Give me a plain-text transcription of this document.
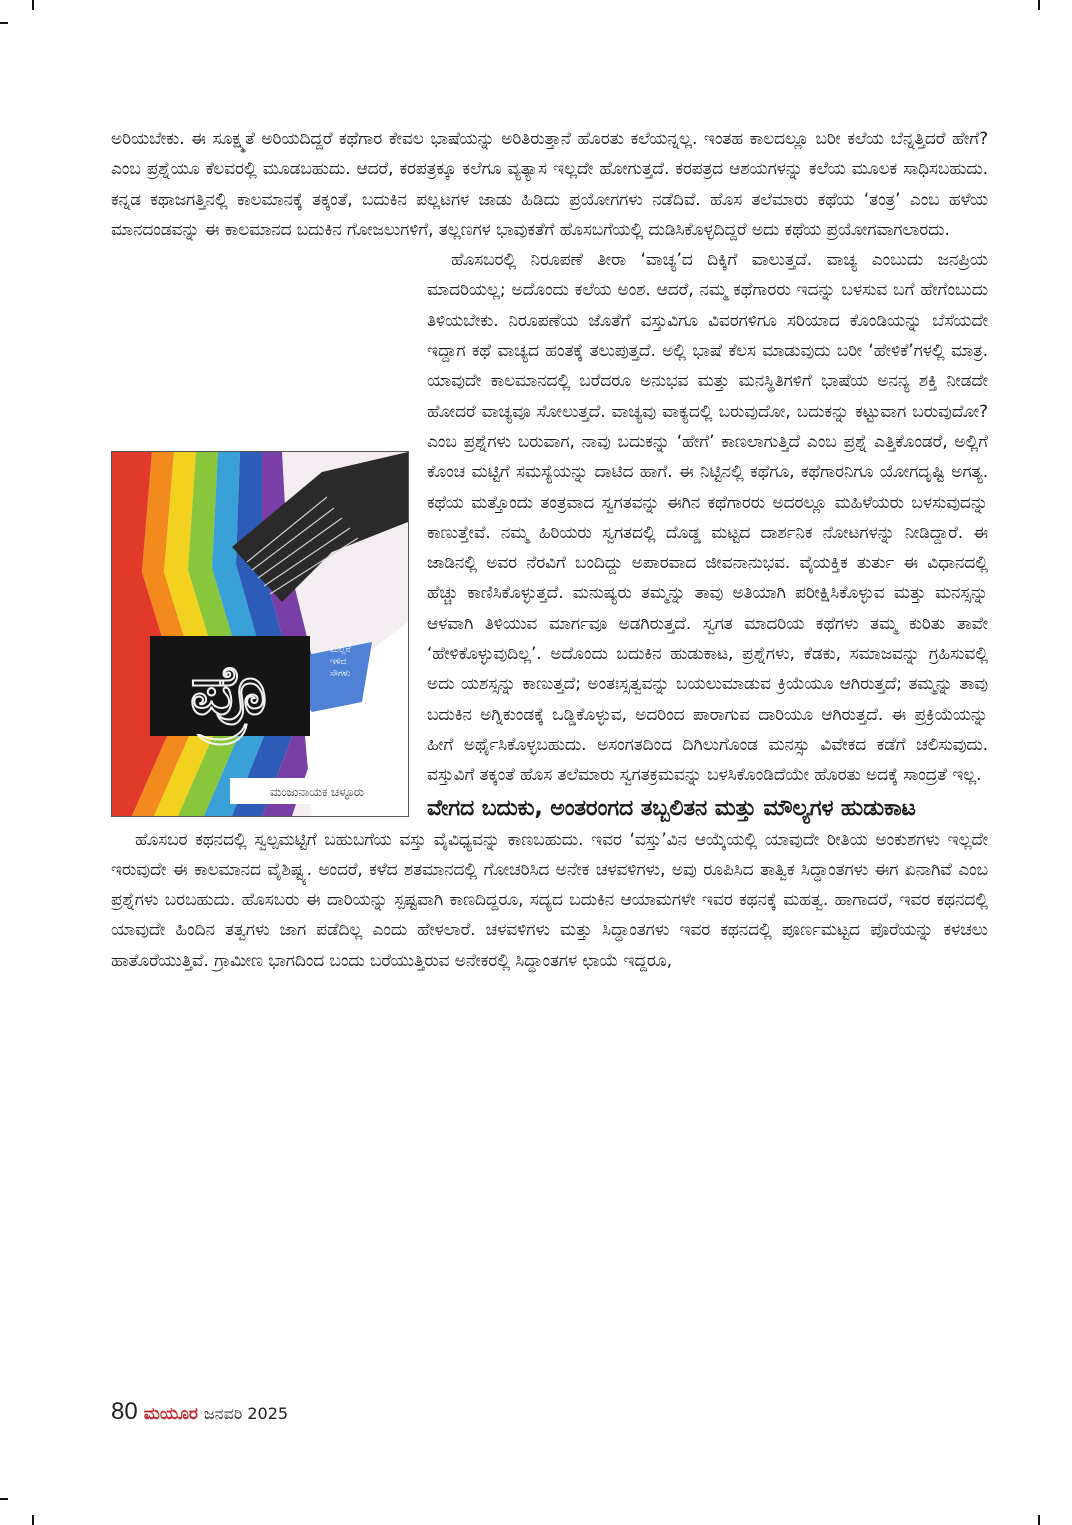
ಅರಿಯಬೇಕು. ಈ ಸೂಕ್ಷ್ಮತೆ ಅರಿಯದಿದ್ದರೆ ಕಥೆಗಾರ ಕೇವಲ ಭಾಷೆಯನ್ನು ಅರಿತಿರುತ್ತಾನೆ ಹೊರತು ಕಲೆಯನ್ನಲ್ಲ. ಇಂತಹ ಕಾಲದಲ್ಲೂ ಬರೀ ಕಲೆಯ ಬೆನ್ನತ್ತಿದರೆ ಹೇಗೆ? ಎಂಬ ಪ್ರಶ್ನೆಯೂ ಕೆಲವರಲ್ಲಿ ಮೂಡಬಹುದು. ಆದರೆ, ಕರಪತ್ರಕ್ಕೂ ಕಲೆಗೂ ವ್ಯತ್ಯಾಸ ಇಲ್ಲದೇ ಹೋಗುತ್ತದೆ. ಕರಪತ್ರದ ಆಶಯಗಳನ್ನು ಕಲೆಯ ಮೂಲಕ ಸಾಧಿಸಬಹುದು. ಕನ್ನಡ ಕಥಾಜಗತ್ತಿನಲ್ಲಿ ಕಾಲಮಾನಕ್ಕೆ ತಕ್ಕಂತೆ, ಬದುಕಿನ ಪಲ್ಲಟಗಳ ಜಾಡು ಹಿಡಿದು ಪ್ರಯೋಗಗಳು ನಡೆದಿವೆ. ಹೊಸ ತಲೆಮಾರು ಕಥೆಯ ‘ತಂತ್ರ’ ಎಂಬ ಹಳೆಯ ಮಾನದಂಡವನ್ನು ಈ ಕಾಲಮಾನದ ಬದುಕಿನ ಗೋಜಲುಗಳಿಗೆ, ತಲ್ಲಣಗಳ ಭಾವುಕತೆಗೆ ಹೊಸಬಗೆಯಲ್ಲಿ ದುಡಿಸಿಕೊಳ್ಳದಿದ್ದರೆ ಅದು ಕಥೆಯ ಪ್ರಯೋಗವಾಗಲಾರದು.

ಪ್ರೊ	ಮೆಲ್ಲನೆ
ಇಳಿದ
ಸೌಗಳು
ಮಂಜುನಾಯಕ ಚಳ್ಳೂರು

ಹೊಸಬರಲ್ಲಿ ನಿರೂಪಣೆ ತೀರಾ ‘ವಾಚ್ಯ’ದ ದಿಕ್ಕಿಗೆ ವಾಲುತ್ತದೆ. ವಾಚ್ಯ ಎಂಬುದು ಜನಪ್ರಿಯ ಮಾದರಿಯಲ್ಲ; ಅದೊಂದು ಕಲೆಯ ಅಂಶ. ಆದರೆ, ನಮ್ಮ ಕಥೆಗಾರರು ಇದನ್ನು ಬಳಸುವ ಬಗೆ ಹೇಗೆಂಬುದು ತಿಳಿಯಬೇಕು. ನಿರೂಪಣೆಯ ಜೊತೆಗೆ ವಸ್ತುವಿಗೂ ವಿವರಗಳಿಗೂ ಸರಿಯಾದ ಕೊಂಡಿಯನ್ನು ಬೆಸೆಯದೇ ಇದ್ದಾಗ ಕಥೆ ವಾಚ್ಯದ ಹಂತಕ್ಕೆ ತಲುಪುತ್ತದೆ. ಅಲ್ಲಿ ಭಾಷೆ ಕೆಲಸ ಮಾಡುವುದು ಬರೀ ‘ಹೇಳಿಕೆ’ಗಳಲ್ಲಿ ಮಾತ್ರ. ಯಾವುದೇ ಕಾಲಮಾನದಲ್ಲಿ ಬರೆದರೂ ಅನುಭವ ಮತ್ತು ಮನಸ್ಥಿತಿಗಳಿಗೆ ಭಾಷೆಯ ಅನನ್ಯ ಶಕ್ತಿ ನೀಡದೇ ಹೋದರೆ ವಾಚ್ಯವೂ ಸೋಲುತ್ತದೆ. ವಾಚ್ಯವು ವಾಕ್ಯದಲ್ಲಿ ಬರುವುದೋ, ಬದುಕನ್ನು ಕಟ್ಟುವಾಗ ಬರುವುದೋ? ಎಂಬ ಪ್ರಶ್ನೆಗಳು ಬರುವಾಗ, ನಾವು ಬದುಕನ್ನು ‘ಹೇಗೆ’ ಕಾಣಲಾಗುತ್ತಿದೆ ಎಂಬ ಪ್ರಶ್ನೆ ಎತ್ತಿಕೊಂಡರೆ, ಅಲ್ಲಿಗೆ ಕೊಂಚ ಮಟ್ಟಿಗೆ ಸಮಸ್ಯೆಯನ್ನು ದಾಟಿದ ಹಾಗೆ. ಈ ನಿಟ್ಟಿನಲ್ಲಿ ಕಥೆಗೂ, ಕಥೆಗಾರನಿಗೂ ಯೋಗದೃಷ್ಟಿ ಅಗತ್ಯ. ಕಥೆಯ ಮತ್ತೊಂದು ತಂತ್ರವಾದ ಸ್ವಗತವನ್ನು ಈಗಿನ ಕಥೆಗಾರರು ಅದರಲ್ಲೂ ಮಹಿಳೆಯರು ಬಳಸುವುದನ್ನು ಕಾಣುತ್ತೇವೆ. ನಮ್ಮ ಹಿರಿಯರು ಸ್ವಗತದಲ್ಲಿ ದೊಡ್ಡ ಮಟ್ಟದ ದಾರ್ಶನಿಕ ನೋಟಗಳನ್ನು ನೀಡಿದ್ದಾರೆ. ಈ ಜಾಡಿನಲ್ಲಿ ಅವರ ನೆರವಿಗೆ ಬಂದಿದ್ದು ಅಪಾರವಾದ ಜೀವನಾನುಭವ. ವೈಯಕ್ತಿಕ ತುರ್ತು ಈ ವಿಧಾನದಲ್ಲಿ ಹೆಚ್ಚು ಕಾಣಿಸಿಕೊಳ್ಳುತ್ತದೆ. ಮನುಷ್ಯರು ತಮ್ಮನ್ನು ತಾವು ಅತಿಯಾಗಿ ಪರೀಕ್ಷಿಸಿಕೊಳ್ಳುವ ಮತ್ತು ಮನಸ್ಸನ್ನು ಆಳವಾಗಿ ತಿಳಿಯುವ ಮಾರ್ಗವೂ ಅಡಗಿರುತ್ತದೆ. ಸ್ವಗತ ಮಾದರಿಯ ಕಥೆಗಳು ತಮ್ಮ ಕುರಿತು ತಾವೇ ‘ಹೇಳಿಕೊಳ್ಳುವುದಿಲ್ಲ’. ಅದೊಂದು ಬದುಕಿನ ಹುಡುಕಾಟ, ಪ್ರಶ್ನೆಗಳು, ಕೆಡಕು, ಸಮಾಜವನ್ನು ಗ್ರಹಿಸುವಲ್ಲಿ ಅದು ಯಶಸ್ಸನ್ನು ಕಾಣುತ್ತದೆ; ಅಂತಃಸ್ಸತ್ವವನ್ನು ಬಯಲುಮಾಡುವ ಕ್ರಿಯೆಯೂ ಆಗಿರುತ್ತದೆ; ತಮ್ಮನ್ನು ತಾವು ಬದುಕಿನ ಅಗ್ನಿಕುಂಡಕ್ಕೆ ಒಡ್ಡಿಕೊಳ್ಳುವ, ಅದರಿಂದ ಪಾರಾಗುವ ದಾರಿಯೂ ಆಗಿರುತ್ತದೆ. ಈ ಪ್ರಕ್ರಿಯೆಯನ್ನು ಹೀಗೆ ಅರ್ಥೈಸಿಕೊಳ್ಳಬಹುದು. ಅಸಂಗತದಿಂದ ದಿಗಿಲುಗೊಂಡ ಮನಸ್ಸು ವಿವೇಕದ ಕಡೆಗೆ ಚಲಿಸುವುದು. ವಸ್ತುವಿಗೆ ತಕ್ಕಂತೆ ಹೊಸ ತಲೆಮಾರು ಸ್ವಗತಕ್ರಮವನ್ನು ಬಳಸಿಕೊಂಡಿದೆಯೇ ಹೊರತು ಅದಕ್ಕೆ ಸಾಂದ್ರತೆ ಇಲ್ಲ.

ವೇಗದ ಬದುಕು, ಅಂತರಂಗದ ತಬ್ಬಲಿತನ ಮತ್ತು ಮೌಲ್ಯಗಳ ಹುಡುಕಾಟ

ಹೊಸಬರ ಕಥನದಲ್ಲಿ ಸ್ವಲ್ಪಮಟ್ಟಿಗೆ ಬಹುಬಗೆಯ ವಸ್ತು ವೈವಿಧ್ಯವನ್ನು ಕಾಣಬಹುದು. ಇವರ ‘ವಸ್ತು’ವಿನ ಆಯ್ಕೆಯಲ್ಲಿ ಯಾವುದೇ ರೀತಿಯ ಅಂಕುಶಗಳು ಇಲ್ಲದೇ ಇರುವುದೇ ಈ ಕಾಲಮಾನದ ವೈಶಿಷ್ಟ್ಯ. ಅಂದರೆ, ಕಳೆದ ಶತಮಾನದಲ್ಲಿ ಗೋಚರಿಸಿದ ಅನೇಕ ಚಳವಳಿಗಳು, ಅವು ರೂಪಿಸಿದ ತಾತ್ವಿಕ ಸಿದ್ಧಾಂತಗಳು ಈಗ ಏನಾಗಿವೆ ಎಂಬ ಪ್ರಶ್ನೆಗಳು ಬರಬಹುದು. ಹೊಸಬರು ಈ ದಾರಿಯನ್ನು ಸ್ಪಷ್ಟವಾಗಿ ಕಾಣದಿದ್ದರೂ, ಸದ್ಯದ ಬದುಕಿನ ಆಯಾಮಗಳೇ ಇವರ ಕಥನಕ್ಕೆ ಮಹತ್ವ. ಹಾಗಾದರೆ, ಇವರ ಕಥನದಲ್ಲಿ ಯಾವುದೇ ಹಿಂದಿನ ತತ್ವಗಳು ಜಾಗ ಪಡೆದಿಲ್ಲ ಎಂದು ಹೇಳಲಾರೆ. ಚಳವಳಿಗಳು ಮತ್ತು ಸಿದ್ಧಾಂತಗಳು ಇವರ ಕಥನದಲ್ಲಿ ಪೂರ್ಣಮಟ್ಟದ ಪೊರೆಯನ್ನು ಕಳಚಲು ಹಾತೊರೆಯುತ್ತಿವೆ. ಗ್ರಾಮೀಣ ಭಾಗದಿಂದ ಬಂದು ಬರೆಯುತ್ತಿರುವ ಅನೇಕರಲ್ಲಿ ಸಿದ್ಧಾಂತಗಳ ಛಾಯೆ ಇದ್ದರೂ,

80 ಮಯೂರ ಜನವರಿ 2025
